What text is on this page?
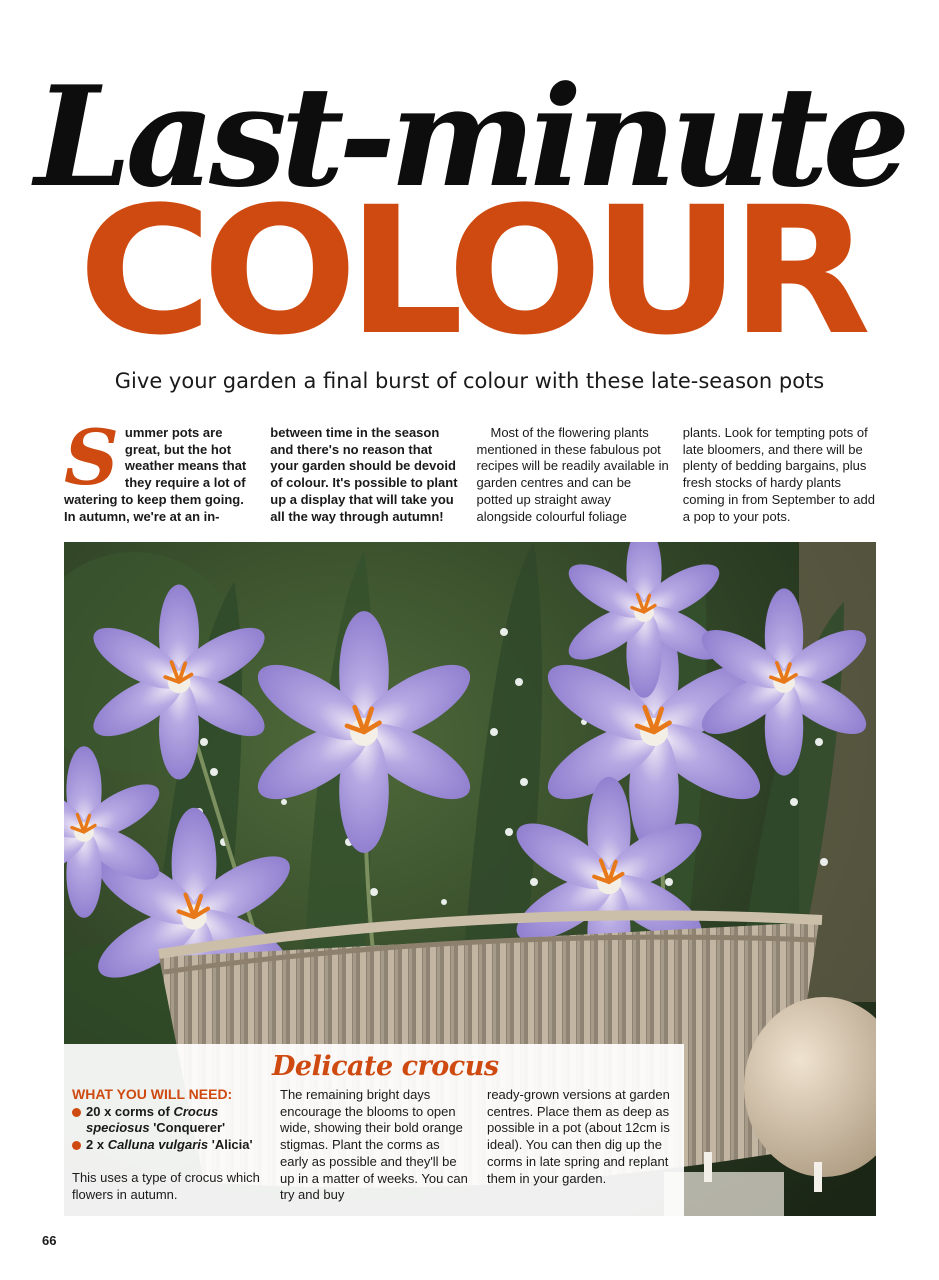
Last-minute
COLOUR
Give your garden a final burst of colour with these late-season pots
Summer pots are great, but the hot weather means that they require a lot of watering to keep them going. In autumn, we're at an in-
between time in the season and there's no reason that your garden should be devoid of colour. It's possible to plant up a display that will take you all the way through autumn!
Most of the flowering plants mentioned in these fabulous pot recipes will be readily available in garden centres and can be potted up straight away alongside colourful foliage
plants. Look for tempting pots of late bloomers, and there will be plenty of bedding bargains, plus fresh stocks of hardy plants coming in from September to add a pop to your pots.
Delicate crocus
WHAT YOU WILL NEED:
20 x corms of Crocus speciosus 'Conquerer'
2 x Calluna vulgaris 'Alicia'
This uses a type of crocus which flowers in autumn.
The remaining bright days encourage the blooms to open wide, showing their bold orange stigmas. Plant the corms as early as possible and they'll be up in a matter of weeks. You can try and buy
ready-grown versions at garden centres. Place them as deep as possible in a pot (about 12cm is ideal). You can then dig up the corms in late spring and replant them in your garden.
66
